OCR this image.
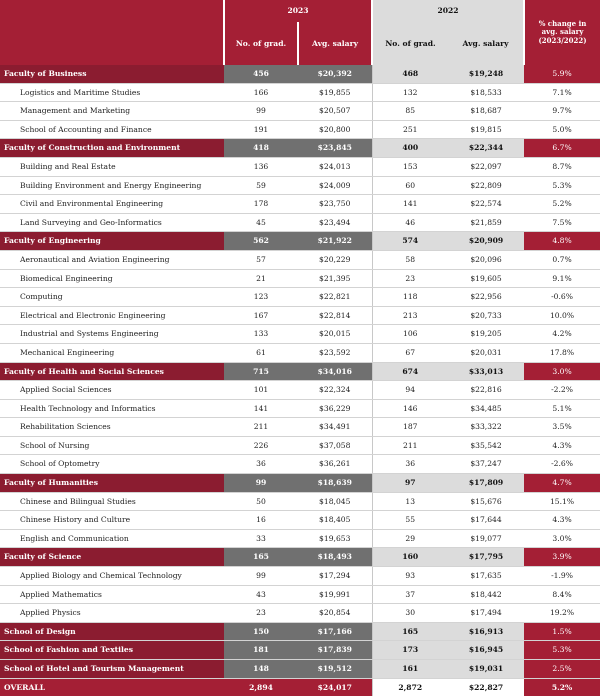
	2023		2022		% change in
avg. salary
(2023/2022)

	No. of grad.	Avg. salary	No. of grad.	Avg. salary	
Faculty of Business	456	$20,392	468	$19,248	5.9%
Logistics and Maritime Studies	166	$19,855	132	$18,533	7.1%
Management and Marketing	99	$20,507	85	$18,687	9.7%
School of Accounting and Finance	191	$20,800	251	$19,815	5.0%
Faculty of Construction and Environment	418	$23,845	400	$22,344	6.7%
Building and Real Estate	136	$24,013	153	$22,097	8.7%
Building Environment and Energy Engineering	59	$24,009	60	$22,809	5.3%
Civil and Environmental Engineering	178	$23,750	141	$22,574	5.2%
Land Surveying and Geo-Informatics	45	$23,494	46	$21,859	7.5%
Faculty of Engineering	562	$21,922	574	$20,909	4.8%
Aeronautical and Aviation Engineering	57	$20,229	58	$20,096	0.7%
Biomedical Engineering	21	$21,395	23	$19,605	9.1%
Computing	123	$22,821	118	$22,956	-0.6%
Electrical and Electronic Engineering	167	$22,814	213	$20,733	10.0%
Industrial and Systems Engineering	133	$20,015	106	$19,205	4.2%
Mechanical Engineering	61	$23,592	67	$20,031	17.8%
Faculty of Health and Social Sciences	715	$34,016	674	$33,013	3.0%
Applied Social Sciences	101	$22,324	94	$22,816	-2.2%
Health Technology and Informatics	141	$36,229	146	$34,485	5.1%
Rehabilitation Sciences	211	$34,491	187	$33,322	3.5%
School of Nursing	226	$37,058	211	$35,542	4.3%
School of Optometry	36	$36,261	36	$37,247	-2.6%
Faculty of Humanities	99	$18,639	97	$17,809	4.7%
Chinese and Bilingual Studies	50	$18,045	13	$15,676	15.1%
Chinese History and Culture	16	$18,405	55	$17,644	4.3%
English and Communication	33	$19,653	29	$19,077	3.0%
Faculty of Science	165	$18,493	160	$17,795	3.9%
Applied Biology and Chemical Technology	99	$17,294	93	$17,635	-1.9%
Applied Mathematics	43	$19,991	37	$18,442	8.4%
Applied Physics	23	$20,854	30	$17,494	19.2%
School of Design	150	$17,166	165	$16,913	1.5%
School of Fashion and Textiles	181	$17,839	173	$16,945	5.3%
School of Hotel and Tourism Management	148	$19,512	161	$19,031	2.5%
OVERALL	2,894	$24,017	2,872	$22,827	5.2%
